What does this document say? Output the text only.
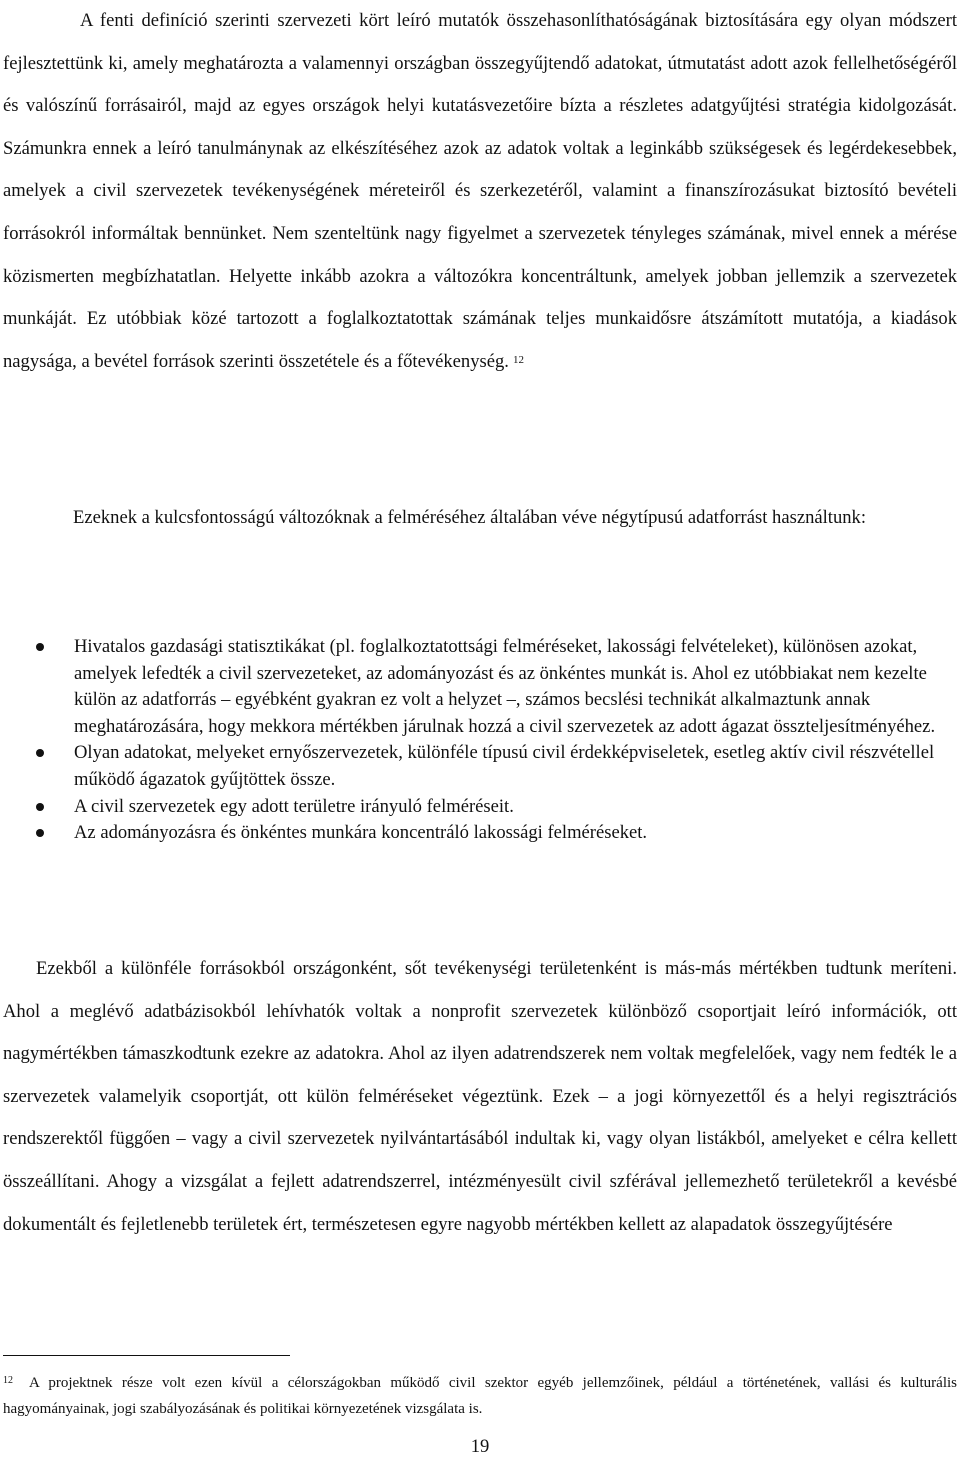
A fenti definíció szerinti szervezeti kört leíró mutatók összehasonlíthatóságának biztosítására egy olyan módszert fejlesztettünk ki, amely meghatározta a valamennyi országban összegyűjtendő adatokat, útmutatást adott azok fellelhetőségéről és valószínű forrásairól, majd az egyes országok helyi kutatásvezetőire bízta a részletes adatgyűjtési stratégia kidolgozását. Számunkra ennek a leíró tanulmánynak az elkészítéséhez azok az adatok voltak a leginkább szükségesek és legérdekesebbek, amelyek a civil szervezetek tevékenységének méreteiről és szerkezetéről, valamint a finanszírozásukat biztosító bevételi forrásokról informáltak bennünket. Nem szenteltünk nagy figyelmet a szervezetek tényleges számának, mivel ennek a mérése közismerten megbízhatatlan. Helyette inkább azokra a változókra koncentráltunk, amelyek jobban jellemzik a szervezetek munkáját. Ez utóbbiak közé tartozott a foglalkoztatottak számának teljes munkaidősre átszámított mutatója, a kiadások nagysága, a bevétel források szerinti összetétele és a főtevékenység. $^{12}$

Ezeknek a kulcsfontosságú változóknak a felméréséhez általában véve négytípusú adatforrást használtunk:

Hivatalos gazdasági statisztikákat (pl. foglalkoztatottsági felméréseket, lakossági felvételeket), különösen azokat, amelyek lefedték a civil szervezeteket, az adományozást és az önkéntes munkát is. Ahol ez utóbbiakat nem kezelte külön az adatforrás – egyébként gyakran ez volt a helyzet –, számos becslési technikát alkalmaztunk annak meghatározására, hogy mekkora mértékben járulnak hozzá a civil szervezetek az adott ágazat összteljesítményéhez.
Olyan adatokat, melyeket ernyőszervezetek, különféle típusú civil érdekképviseletek, esetleg aktív civil részvétellel működő ágazatok gyűjtöttek össze.
A civil szervezetek egy adott területre irányuló felméréseit.
Az adományozásra és önkéntes munkára koncentráló lakossági felméréseket.

Ezekből a különféle forrásokból országonként, sőt tevékenységi területenként is más-más mértékben tudtunk meríteni. Ahol a meglévő adatbázisokból lehívhatók voltak a nonprofit szervezetek különböző csoportjait leíró információk, ott nagymértékben támaszkodtunk ezekre az adatokra. Ahol az ilyen adatrendszerek nem voltak megfelelőek, vagy nem fedték le a szervezetek valamelyik csoportját, ott külön felméréseket végeztünk. Ezek – a jogi környezettől és a helyi regisztrációs rendszerektől függően – vagy a civil szervezetek nyilvántartásából indultak ki, vagy olyan listákból, amelyeket e célra kellett összeállítani. Ahogy a vizsgálat a fejlett adatrendszerrel, intézményesült civil szférával jellemezhető területekről a kevésbé dokumentált és fejletlenebb területek ért, természetesen egyre nagyobb mértékben kellett az alapadatok összegyűjtésére

$^{12}$ A projektnek része volt ezen kívül a célországokban működő civil szektor egyéb jellemzőinek, például a történetének, vallási és kulturális hagyományainak, jogi szabályozásának és politikai környezetének vizsgálata is.

19
